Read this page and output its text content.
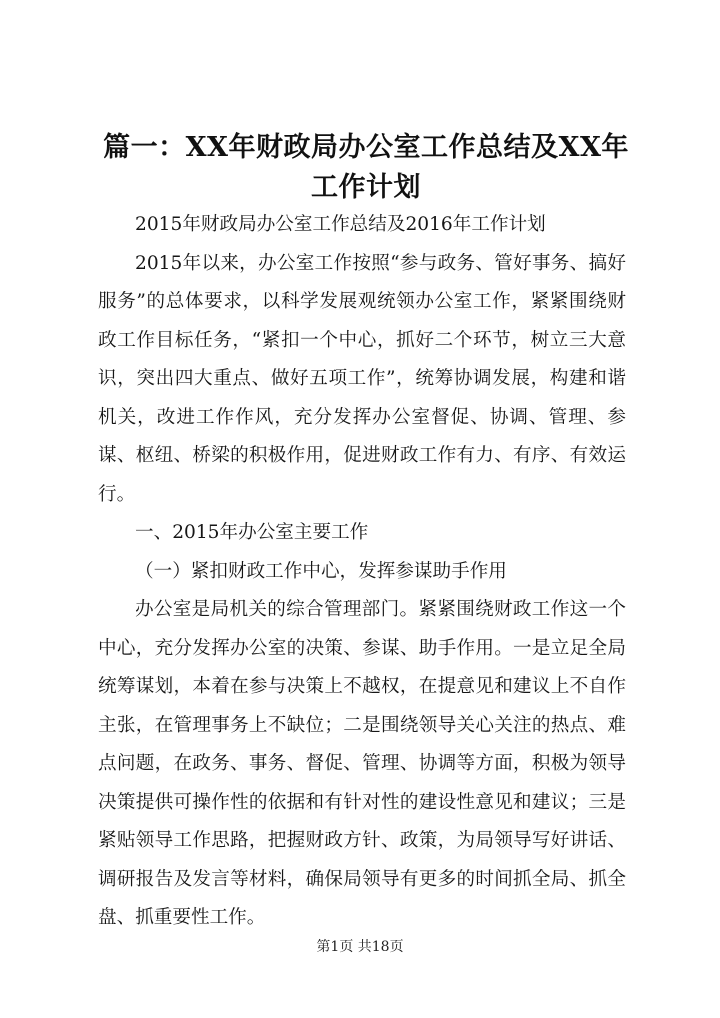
篇一：XX年财政局办公室工作总结及XX年工作计划

2015年财政局办公室工作总结及2016年工作计划

2015年以来，办公室工作按照“参与政务、管好事务、搞好服务”的总体要求，以科学发展观统领办公室工作，紧紧围绕财政工作目标任务，“紧扣一个中心，抓好二个环节，树立三大意识，突出四大重点、做好五项工作”，统筹协调发展，构建和谐机关，改进工作作风，充分发挥办公室督促、协调、管理、参谋、枢纽、桥梁的积极作用，促进财政工作有力、有序、有效运行。

一、2015年办公室主要工作

（一）紧扣财政工作中心，发挥参谋助手作用

办公室是局机关的综合管理部门。紧紧围绕财政工作这一个中心，充分发挥办公室的决策、参谋、助手作用。一是立足全局统筹谋划，本着在参与决策上不越权，在提意见和建议上不自作主张，在管理事务上不缺位；二是围绕领导关心关注的热点、难点问题，在政务、事务、督促、管理、协调等方面，积极为领导决策提供可操作性的依据和有针对性的建设性意见和建议；三是紧贴领导工作思路，把握财政方针、政策，为局领导写好讲话、调研报告及发言等材料，确保局领导有更多的时间抓全局、抓全盘、抓重要性工作。

第1页 共18页
